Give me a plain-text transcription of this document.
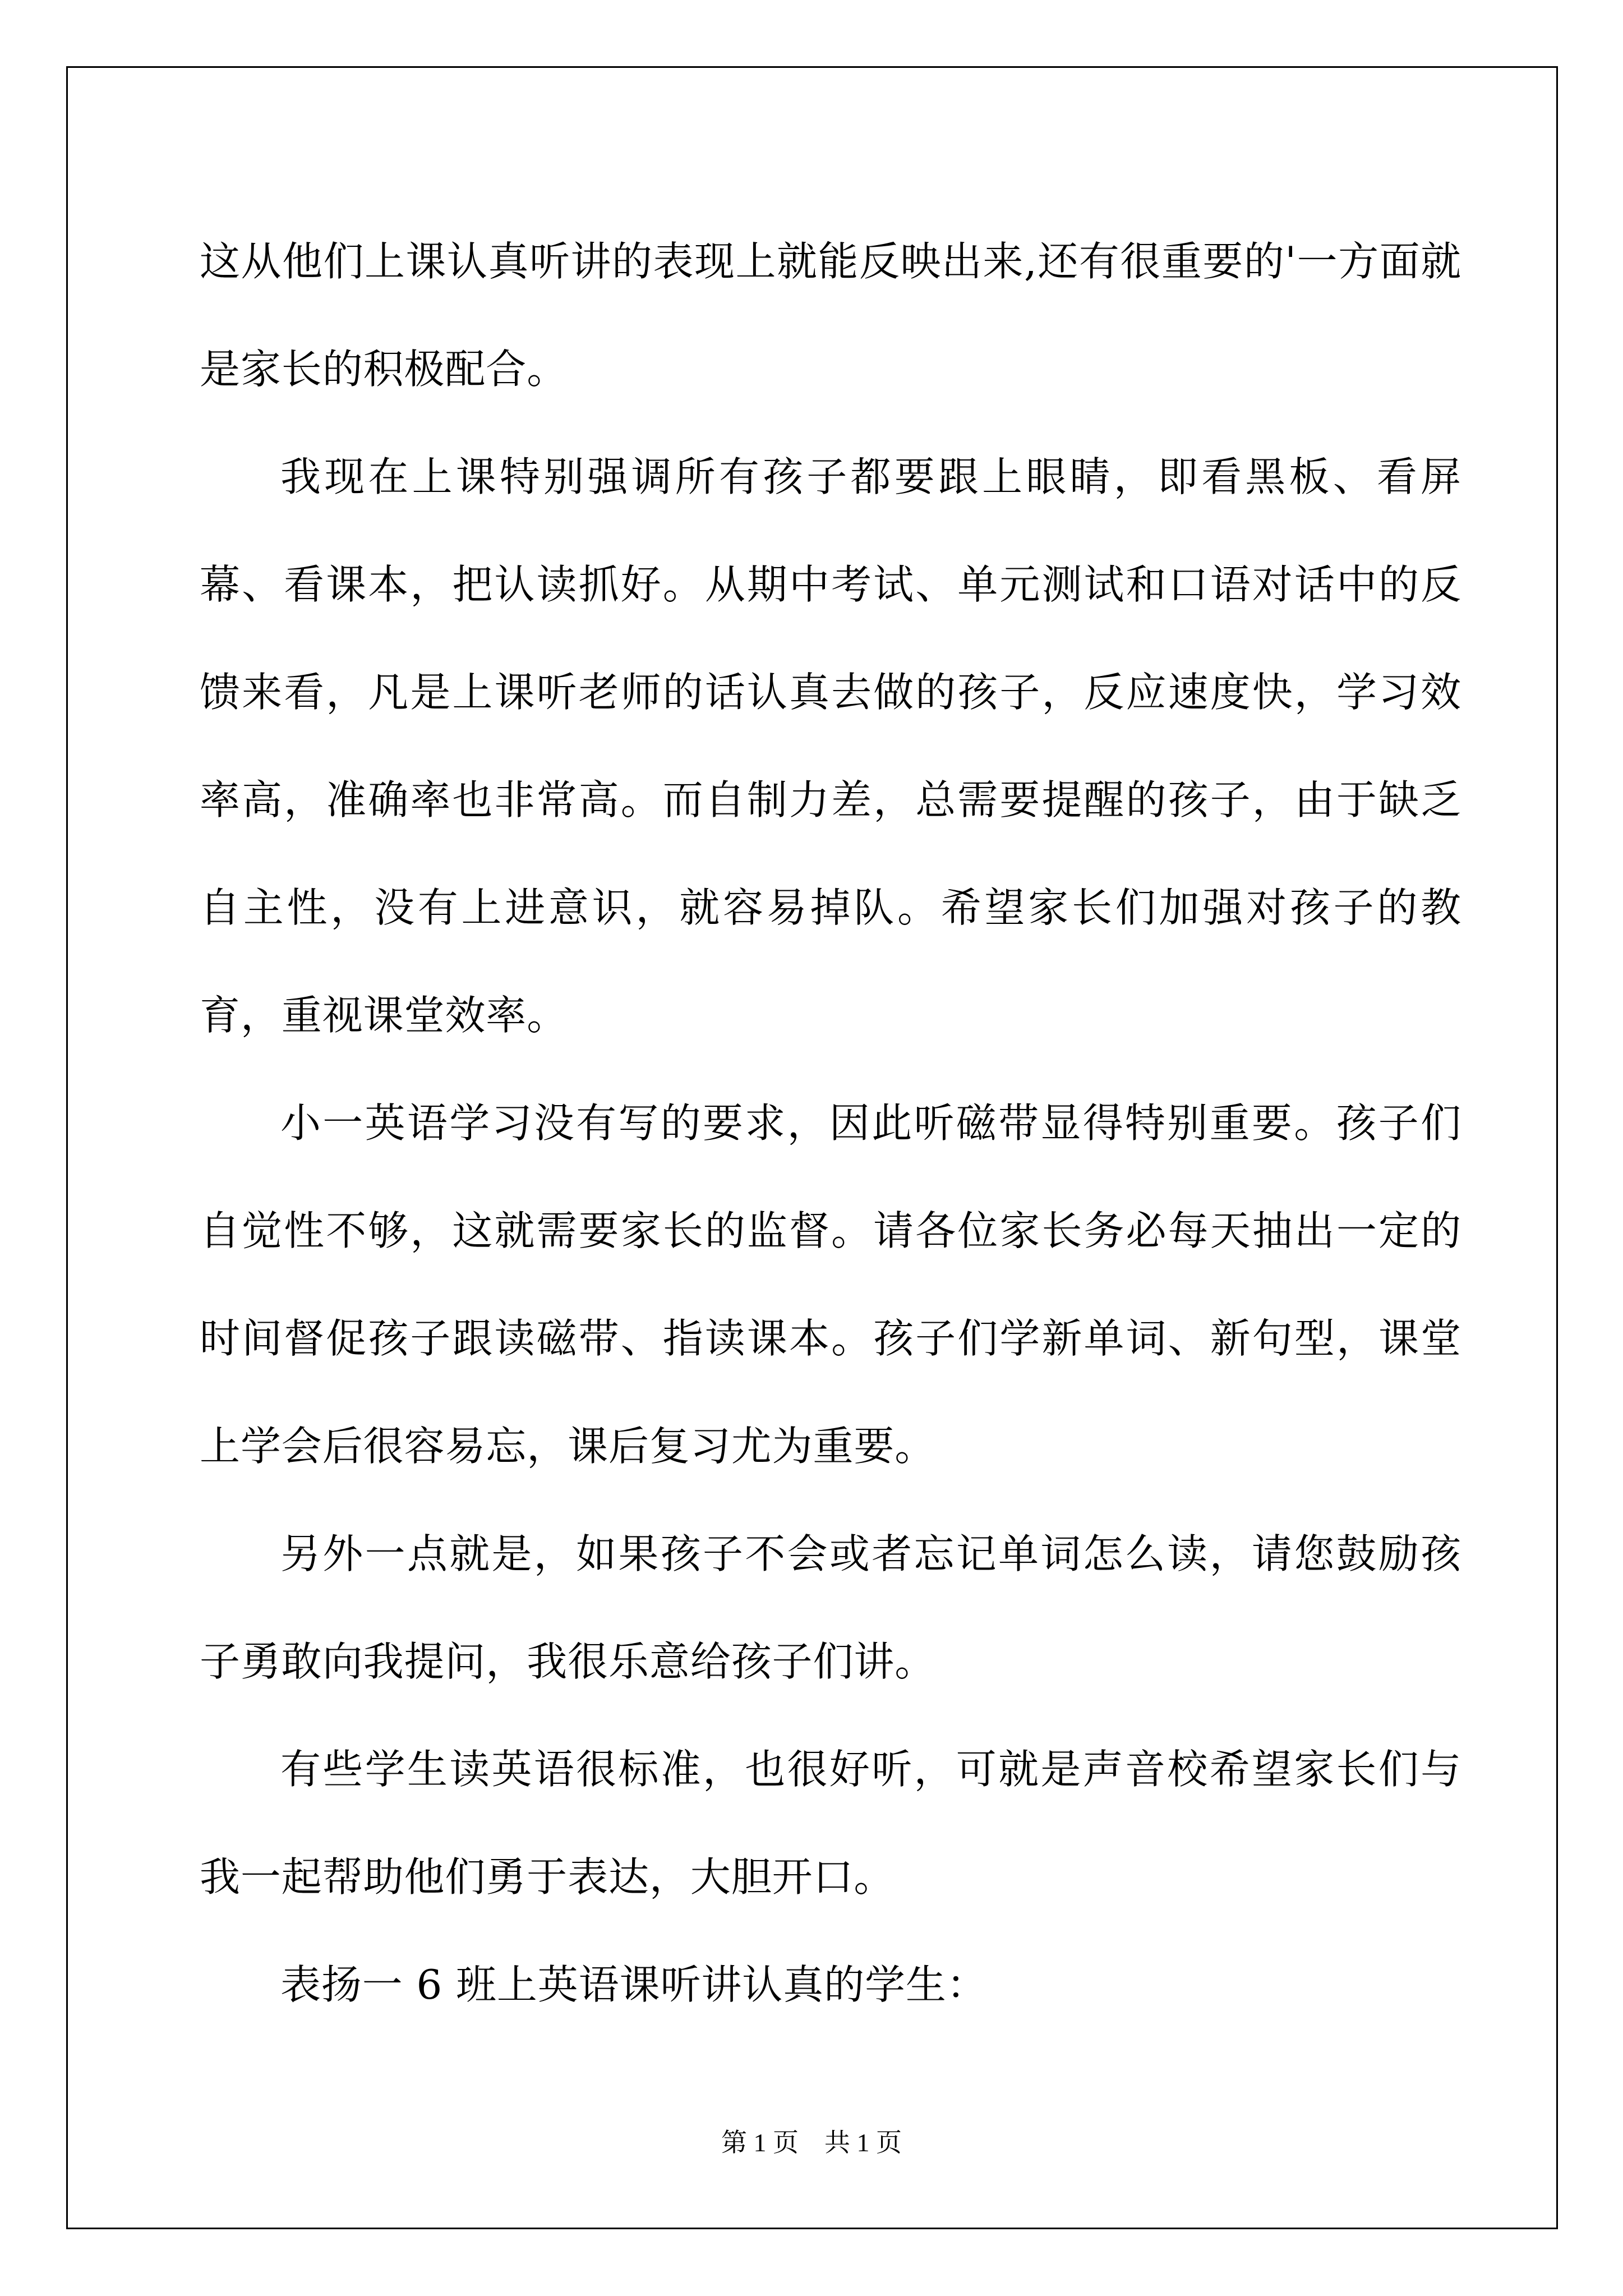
这从他们上课认真听讲的表现上就能反映出来,还有很重要的'一方面就是家长的积极配合。

我现在上课特别强调所有孩子都要跟上眼睛，即看黑板、看屏幕、看课本，把认读抓好。从期中考试、单元测试和口语对话中的反馈来看，凡是上课听老师的话认真去做的孩子，反应速度快，学习效率高，准确率也非常高。而自制力差，总需要提醒的孩子，由于缺乏自主性，没有上进意识，就容易掉队。希望家长们加强对孩子的教育，重视课堂效率。

小一英语学习没有写的要求，因此听磁带显得特别重要。孩子们自觉性不够，这就需要家长的监督。请各位家长务必每天抽出一定的时间督促孩子跟读磁带、指读课本。孩子们学新单词、新句型，课堂上学会后很容易忘，课后复习尤为重要。

另外一点就是，如果孩子不会或者忘记单词怎么读，请您鼓励孩子勇敢向我提问，我很乐意给孩子们讲。

有些学生读英语很标准，也很好听，可就是声音校希望家长们与我一起帮助他们勇于表达，大胆开口。

表扬一 6 班上英语课听讲认真的学生：

第 1 页 共 1 页
